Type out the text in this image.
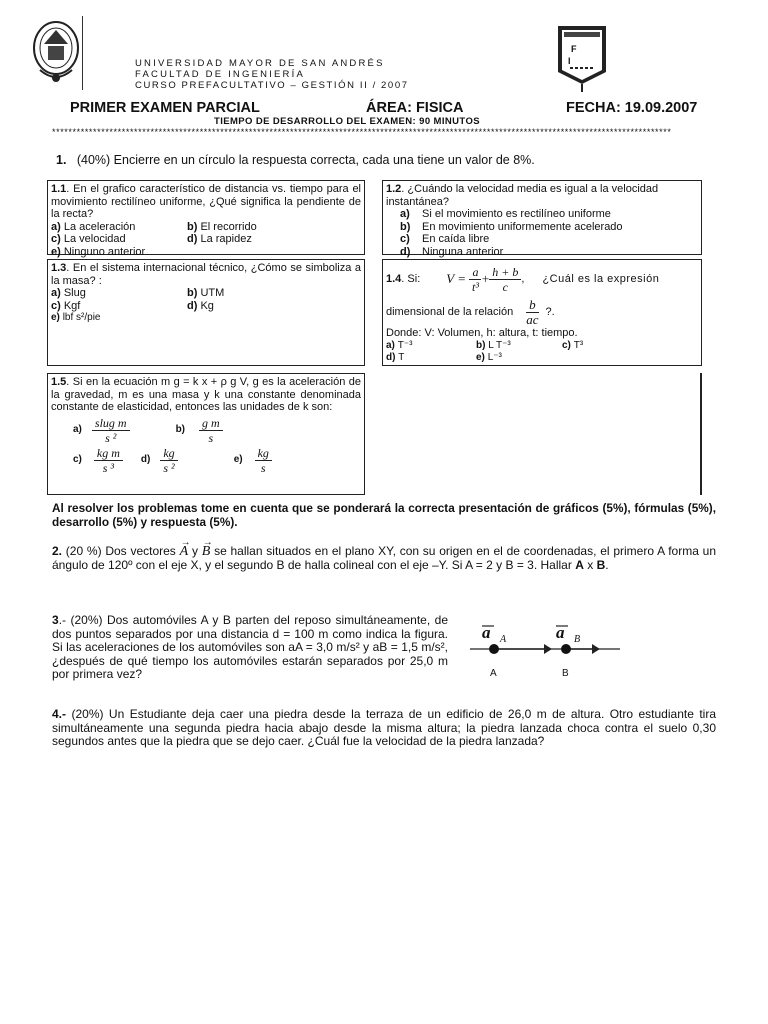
UNIVERSIDAD MAYOR DE SAN ANDRÉS
FACULTAD DE INGENIERÍA
CURSO PREFACULTATIVO – GESTIÓN II / 2007
F
I
PRIMER EXAMEN PARCIAL	ÁREA: FISICA	FECHA: 19.09.2007
TIEMPO DE DESARROLLO DEL EXAMEN: 90 MINUTOS
*******************************************************************************************************************************************************
1. (40%) Encierre en un círculo la respuesta correcta, cada una tiene un valor de 8%.
1.1. En el grafico característico de distancia vs. tiempo para el movimiento rectilíneo uniforme, ¿Qué significa la pendiente de la recta?
a) La aceleración	b) El recorrido
c) La velocidad	d) La rapidez
e) Ninguno anterior
1.2. ¿Cuándo la velocidad media es igual a la velocidad instantánea?
a) Si el movimiento es rectilíneo uniforme
b) En movimiento uniformemente acelerado
c) En caída libre
d) Ninguna anterior
1.3. En el sistema internacional técnico, ¿Cómo se simboliza a la masa? :
a) Slug	b) UTM
c) Kgf	d) Kg
e) lbf s²/pie
1.4 . Si: $V = \frac{a}{\text{t³}} + \frac{h + b}{c}$ , ¿Cuál es la expresión
dimensional de la relación $\frac{b}{ac}$ ?.
Donde: V: Volumen, h: altura, t: tiempo.
a) T⁻³	b) L T⁻³	c) T³
d) T	e) L⁻³
1.5. Si en la ecuación m g = k x + ρ g V, g es la aceleración de la gravedad, m es una masa y k una constante denominada constante de elasticidad, entonces las unidades de k son:
$a) \frac{\text{slug m}}{\text{s ²}}$	$b) \frac{\text{g m}}{s}$
$c) \frac{\text{kg m}}{\text{s ³}} d) \frac{kg}{\text{s ²}}$	$e) \frac{kg}{s}$
Al resolver los problemas tome en cuenta que se ponderará la correcta presentación de gráficos (5%), fórmulas (5%), desarrollo (5%) y respuesta (5%).
2. (20 %) Dos vectores
→
A y
→
B se hallan situados en el plano XY, con su origen en el de coordenadas, el primero A forma un ángulo de 120º con el eje X, y el segundo B de halla colineal con el eje –Y. Si A = 2 y B = 3. Hallar A x B.
3.- (20%) Dos automóviles A y B parten del reposo simultáneamente, de dos puntos separados por una distancia d = 100 m como indica la figura. Si las aceleraciones de los automóviles son aA = 3,0 m/s² y aB = 1,5 m/s², ¿después de qué tiempo los automóviles estarán separados por 25,0 m por primera vez?
a A	a B
A	B
4.- (20%) Un Estudiante deja caer una piedra desde la terraza de un edificio de 26,0 m de altura. Otro estudiante tira simultáneamente una segunda piedra hacia abajo desde la misma altura; la piedra lanzada choca contra el suelo 0,30 segundos antes que la piedra que se dejo caer. ¿Cuál fue la velocidad de la piedra lanzada?
